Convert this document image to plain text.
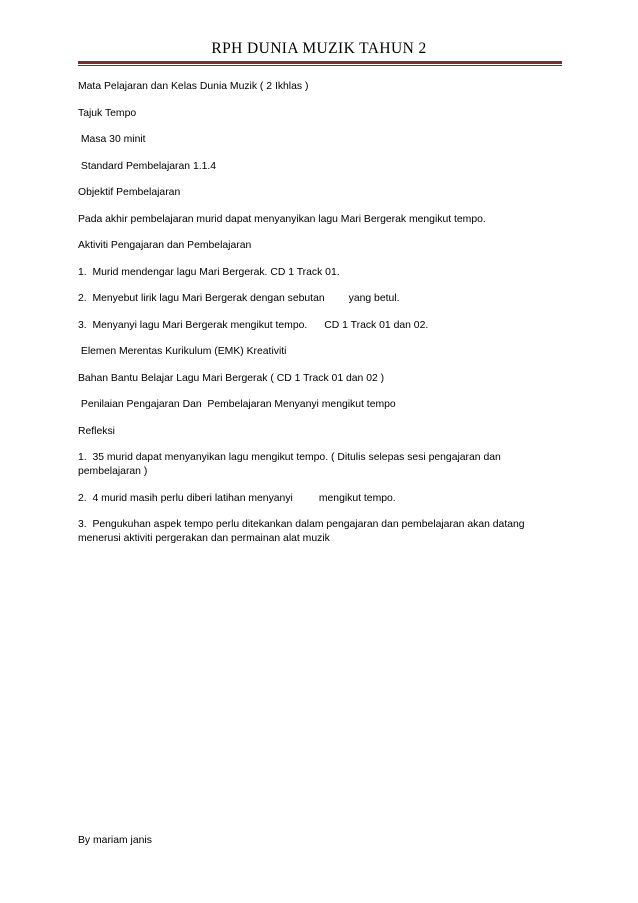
RPH DUNIA MUZIK TAHUN 2

Mata Pelajaran dan Kelas Dunia Muzik ( 2 Ikhlas )

Tajuk Tempo

Masa 30 minit

Standard Pembelajaran 1.1.4

Objektif Pembelajaran

Pada akhir pembelajaran murid dapat menyanyikan lagu Mari Bergerak mengikut tempo.

Aktiviti Pengajaran dan Pembelajaran

1.  Murid mendengar lagu Mari Bergerak. CD 1 Track 01.

2.  Menyebut lirik lagu Mari Bergerak dengan sebutan yang betul.

3.  Menyanyi lagu Mari Bergerak mengikut tempo. CD 1 Track 01 dan 02.

Elemen Merentas Kurikulum (EMK) Kreativiti

Bahan Bantu Belajar Lagu Mari Bergerak ( CD 1 Track 01 dan 02 )

Penilaian Pengajaran Dan  Pembelajaran Menyanyi mengikut tempo

Refleksi

1.  35 murid dapat menyanyikan lagu mengikut tempo. ( Ditulis selepas sesi pengajaran dan
pembelajaran )

2.  4 murid masih perlu diberi latihan menyanyi	mengikut tempo.

3.  Pengukuhan aspek tempo perlu ditekankan dalam pengajaran dan pembelajaran akan datang
menerusi aktiviti pergerakan dan permainan alat muzik

By mariam janis
